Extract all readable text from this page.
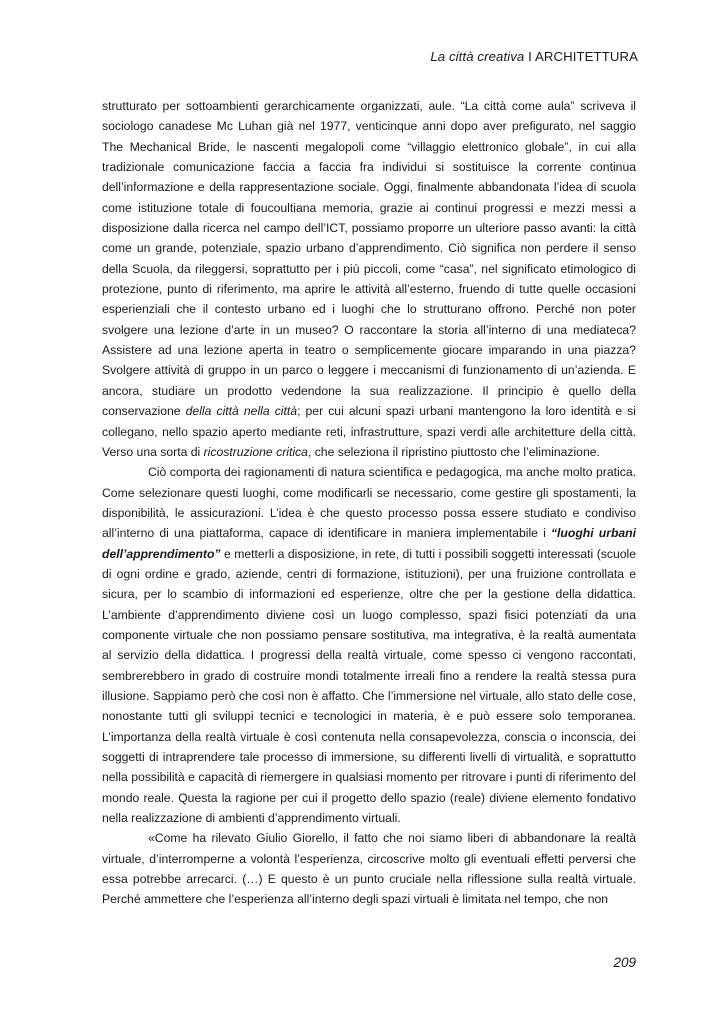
La città creativa I ARCHITETTURA

strutturato per sottoambienti gerarchicamente organizzati, aule. “La città come aula” scriveva il sociologo canadese Mc Luhan già nel 1977, venticinque anni dopo aver prefigurato, nel saggio The Mechanical Bride, le nascenti megalopoli come “villaggio elettronico globale”, in cui alla tradizionale comunicazione faccia a faccia fra individui si sostituisce la corrente continua dell’informazione e della rappresentazione sociale. Oggi, finalmente abbandonata l’idea di scuola come istituzione totale di foucoultiana memoria, grazie ai continui progressi e mezzi messi a disposizione dalla ricerca nel campo dell’ICT, possiamo proporre un ulteriore passo avanti: la città come un grande, potenziale, spazio urbano d’apprendimento. Ciò significa non perdere il senso della Scuola, da rileggersi, soprattutto per i più piccoli, come “casa”, nel significato etimologico di protezione, punto di riferimento, ma aprire le attività all’esterno, fruendo di tutte quelle occasioni esperienziali che il contesto urbano ed i luoghi che lo strutturano offrono. Perché non poter svolgere una lezione d’arte in un museo? O raccontare la storia all’interno di una mediateca? Assistere ad una lezione aperta in teatro o semplicemente giocare imparando in una piazza? Svolgere attività di gruppo in un parco o leggere i meccanismi di funzionamento di un’azienda. E ancora, studiare un prodotto vedendone la sua realizzazione. Il principio è quello della conservazione della città nella città; per cui alcuni spazi urbani mantengono la loro identità e si collegano, nello spazio aperto mediante reti, infrastrutture, spazi verdi alle architetture della città. Verso una sorta di ricostruzione critica, che seleziona il ripristino piuttosto che l’eliminazione.

Ciò comporta dei ragionamenti di natura scientifica e pedagogica, ma anche molto pratica. Come selezionare questi luoghi, come modificarli se necessario, come gestire gli spostamenti, la disponibilità, le assicurazioni. L’idea è che questo processo possa essere studiato e condiviso all’interno di una piattaforma, capace di identificare in maniera implementabile i “luoghi urbani dell’apprendimento” e metterli a disposizione, in rete, di tutti i possibili soggetti interessati (scuole di ogni ordine e grado, aziende, centri di formazione, istituzioni), per una fruizione controllata e sicura, per lo scambio di informazioni ed esperienze, oltre che per la gestione della didattica. L’ambiente d’apprendimento diviene così un luogo complesso, spazi fisici potenziati da una componente virtuale che non possiamo pensare sostitutiva, ma integrativa, è la realtà aumentata al servizio della didattica. I progressi della realtà virtuale, come spesso ci vengono raccontati, sembrerebbero in grado di costruire mondi totalmente irreali fino a rendere la realtà stessa pura illusione. Sappiamo però che così non è affatto. Che l’immersione nel virtuale, allo stato delle cose, nonostante tutti gli sviluppi tecnici e tecnologici in materia, è e può essere solo temporanea. L’importanza della realtà virtuale è così contenuta nella consapevolezza, conscia o inconscia, dei soggetti di intraprendere tale processo di immersione, su differenti livelli di virtualità, e soprattutto nella possibilità e capacità di riemergere in qualsiasi momento per ritrovare i punti di riferimento del mondo reale. Questa la ragione per cui il progetto dello spazio (reale) diviene elemento fondativo nella realizzazione di ambienti d’apprendimento virtuali.

«Come ha rilevato Giulio Giorello, il fatto che noi siamo liberi di abbandonare la realtà virtuale, d’interromperne a volontà l’esperienza, circoscrive molto gli eventuali effetti perversi che essa potrebbe arrecarci. (…) E questo è un punto cruciale nella riflessione sulla realtà virtuale. Perché ammettere che l’esperienza all’interno degli spazi virtuali è limitata nel tempo, che non

209
